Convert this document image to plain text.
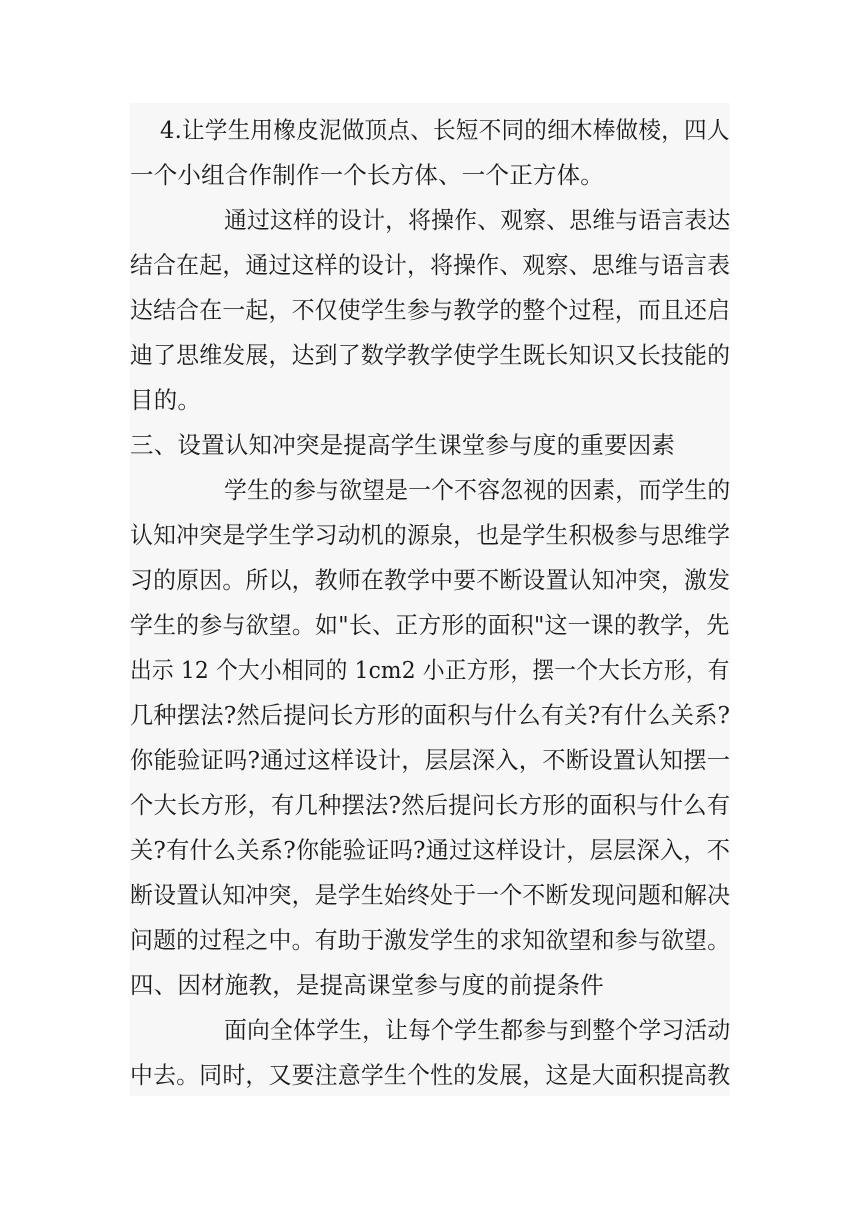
4.让学生用橡皮泥做顶点、长短不同的细木棒做棱，四人
一个小组合作制作一个长方体、一个正方体。
通过这样的设计，将操作、观察、思维与语言表达
结合在起，通过这样的设计，将操作、观察、思维与语言表
达结合在一起，不仅使学生参与教学的整个过程，而且还启
迪了思维发展，达到了数学教学使学生既长知识又长技能的
目的。
三、设置认知冲突是提高学生课堂参与度的重要因素
学生的参与欲望是一个不容忽视的因素，而学生的
认知冲突是学生学习动机的源泉，也是学生积极参与思维学
习的原因。所以，教师在教学中要不断设置认知冲突，激发
学生的参与欲望。如"长、正方形的面积"这一课的教学，先
出示 12 个大小相同的 1cm2 小正方形，摆一个大长方形，有
几种摆法?然后提问长方形的面积与什么有关?有什么关系?
你能验证吗?通过这样设计，层层深入，不断设置认知摆一
个大长方形，有几种摆法?然后提问长方形的面积与什么有
关?有什么关系?你能验证吗?通过这样设计，层层深入，不
断设置认知冲突，是学生始终处于一个不断发现问题和解决
问题的过程之中。有助于激发学生的求知欲望和参与欲望。
四、因材施教，是提高课堂参与度的前提条件
面向全体学生，让每个学生都参与到整个学习活动
中去。同时，又要注意学生个性的发展，这是大面积提高教
